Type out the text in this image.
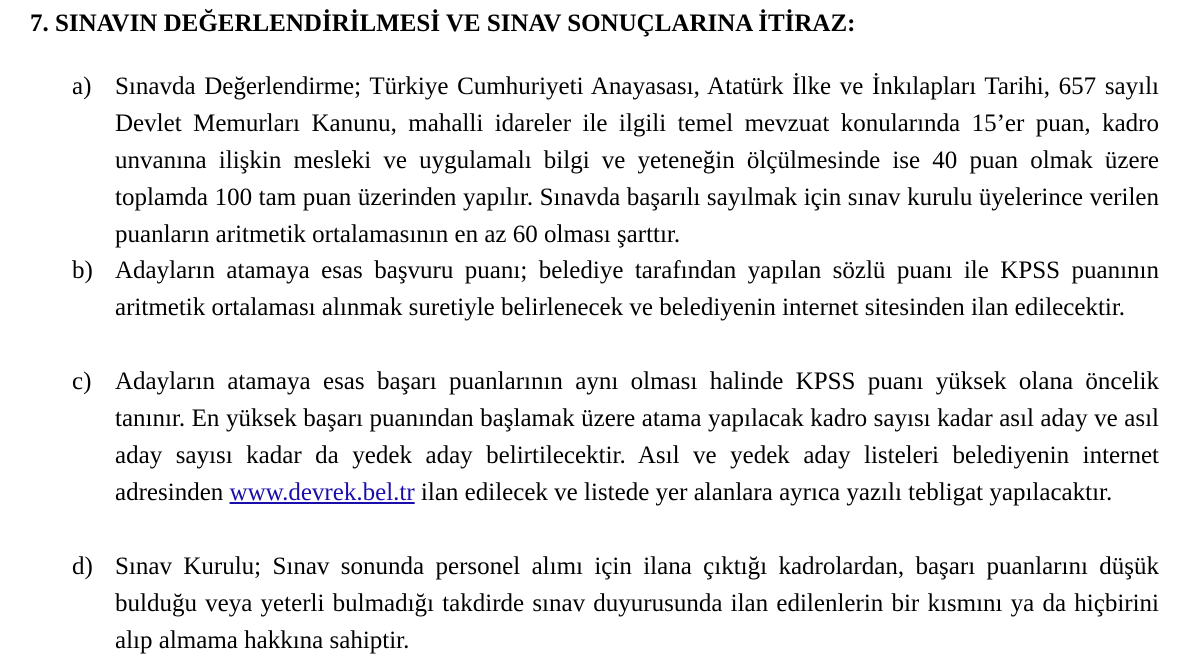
7. SINAVIN DEĞERLENDİRİLMESİ VE SINAV SONUÇLARINA İTİRAZ:
a) Sınavda Değerlendirme; Türkiye Cumhuriyeti Anayasası, Atatürk İlke ve İnkılapları Tarihi, 657 sayılı Devlet Memurları Kanunu, mahalli idareler ile ilgili temel mevzuat konularında 15’er puan, kadro unvanına ilişkin mesleki ve uygulamalı bilgi ve yeteneğin ölçülmesinde ise 40 puan olmak üzere toplamda 100 tam puan üzerinden yapılır. Sınavda başarılı sayılmak için sınav kurulu üyelerince verilen puanların aritmetik ortalamasının en az 60 olması şarttır.
b) Adayların atamaya esas başvuru puanı; belediye tarafından yapılan sözlü puanı ile KPSS puanının aritmetik ortalaması alınmak suretiyle belirlenecek ve belediyenin internet sitesinden ilan edilecektir.
c) Adayların atamaya esas başarı puanlarının aynı olması halinde KPSS puanı yüksek olana öncelik tanınır. En yüksek başarı puanından başlamak üzere atama yapılacak kadro sayısı kadar asıl aday ve asıl aday sayısı kadar da yedek aday belirtilecektir. Asıl ve yedek aday listeleri belediyenin internet adresinden www.devrek.bel.tr ilan edilecek ve listede yer alanlara ayrıca yazılı tebligat yapılacaktır.
d) Sınav Kurulu; Sınav sonunda personel alımı için ilana çıktığı kadrolardan, başarı puanlarını düşük bulduğu veya yeterli bulmadığı takdirde sınav duyurusunda ilan edilenlerin bir kısmını ya da hiçbirini alıp almama hakkına sahiptir.
